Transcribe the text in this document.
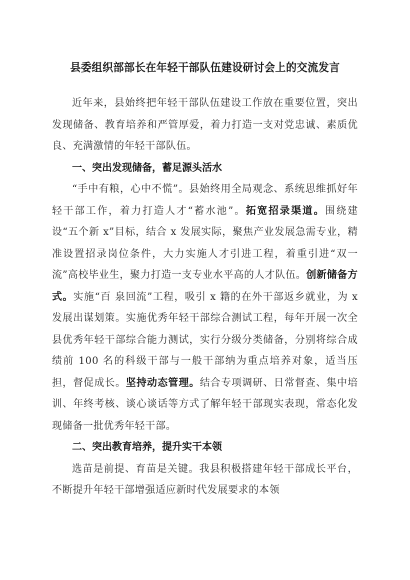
县委组织部部长在年轻干部队伍建设研讨会上的交流发言

近年来，县始终把年轻干部队伍建设工作放在重要位置，突出发现储备、教育培养和严管厚爱，着力打造一支对党忠诚、素质优良、充满激情的年轻干部队伍。

一、突出发现储备，蓄足源头活水

“手中有粮，心中不慌”。县始终用全局观念、系统思维抓好年轻干部工作，着力打造人才“蓄水池”。拓宽招录渠道。围绕建设“五个新 x”目标，结合 x 发展实际，聚焦产业发展急需专业，精准设置招录岗位条件，大力实施人才引进工程，着重引进“双一流”高校毕业生，聚力打造一支专业水平高的人才队伍。创新储备方式。实施“百 泉回流”工程，吸引 x 籍的在外干部返乡就业，为 x 发展出谋划策。实施优秀年轻干部综合测试工程，每年开展一次全县优秀年轻干部综合能力测试，实行分级分类储备，分别将综合成绩前 100 名的科级干部与一般干部纳为重点培养对象，适当压担，督促成长。坚持动态管理。结合专项调研、日常督查、集中培训、年终考核、谈心谈话等方式了解年轻干部现实表现，常态化发现储备一批优秀年轻干部。

二、突出教育培养，提升实干本领

选苗是前提、育苗是关键。我县积极搭建年轻干部成长平台，不断提升年轻干部增强适应新时代发展要求的本领
